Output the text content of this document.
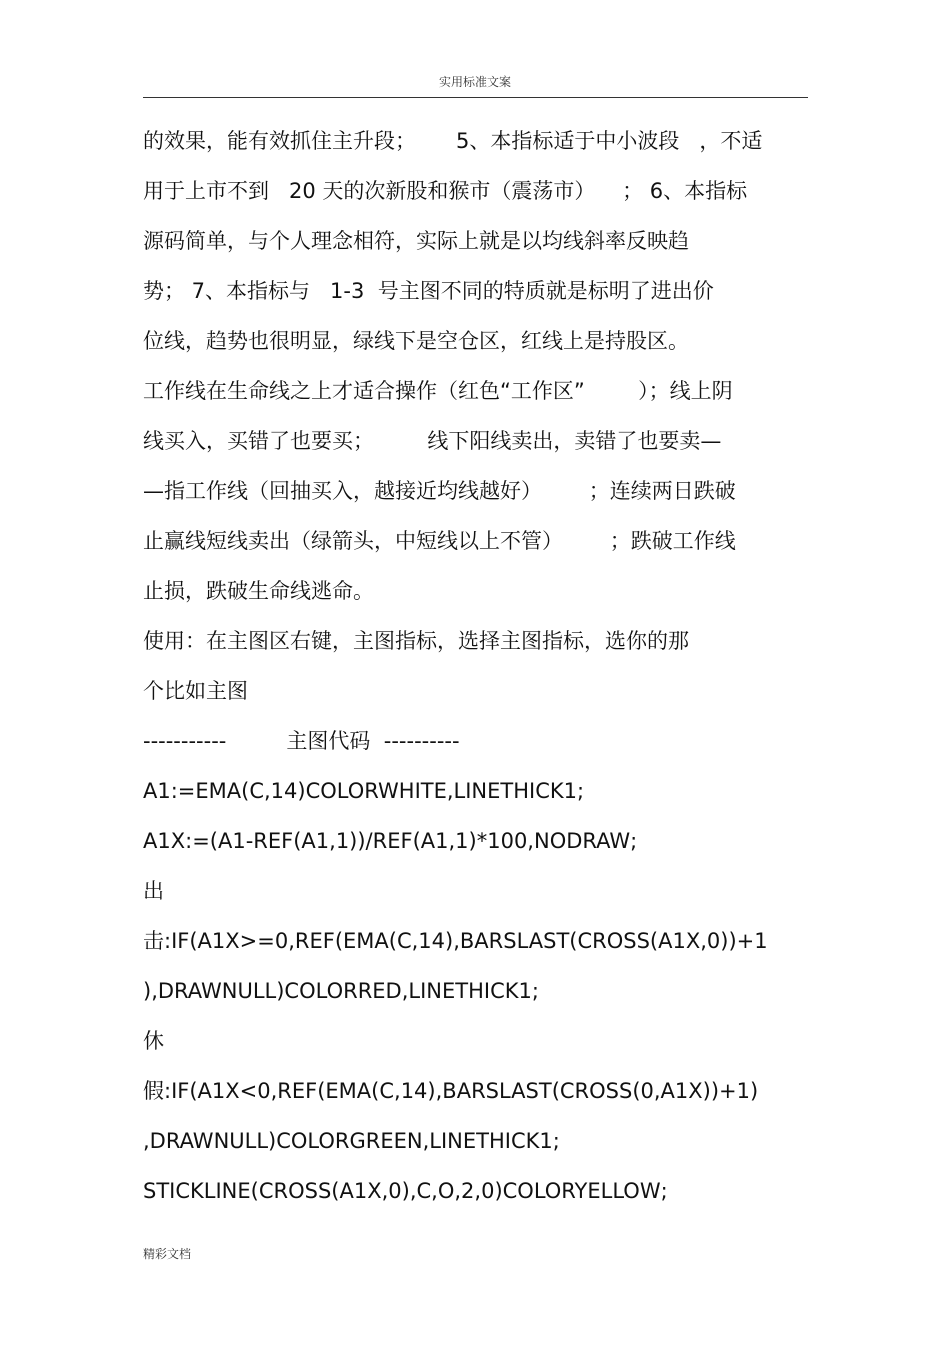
实用标准文案
的效果，能有效抓住主升段；      5、本指标适于中小波段   ，不适
用于上市不到   20 天的次新股和猴市（震荡市）    ； 6、本指标
源码简单，与个人理念相符，实际上就是以均线斜率反映趋
势； 7、本指标与   1-3  号主图不同的特质就是标明了进出价
位线，趋势也很明显，绿线下是空仓区，红线上是持股区。
工作线在生命线之上才适合操作（红色“工作区”        ）；线上阴
线买入，买错了也要买；        线下阳线卖出，卖错了也要卖—
—指工作线（回抽买入，越接近均线越好）       ；连续两日跌破
止赢线短线卖出（绿箭头，中短线以上不管）       ；跌破工作线
止损，跌破生命线逃命。
使用：在主图区右键，主图指标，选择主图指标，选你的那
个比如主图
-----------         主图代码  ----------
A1:=EMA(C,14)COLORWHITE,LINETHICK1;
A1X:=(A1-REF(A1,1))/REF(A1,1)*100,NODRAW;
出
击:IF(A1X>=0,REF(EMA(C,14),BARSLAST(CROSS(A1X,0))+1
),DRAWNULL)COLORRED,LINETHICK1;
休
假:IF(A1X<0,REF(EMA(C,14),BARSLAST(CROSS(0,A1X))+1)
,DRAWNULL)COLORGREEN,LINETHICK1;
STICKLINE(CROSS(A1X,0),C,O,2,0)COLORYELLOW;
精彩文档
